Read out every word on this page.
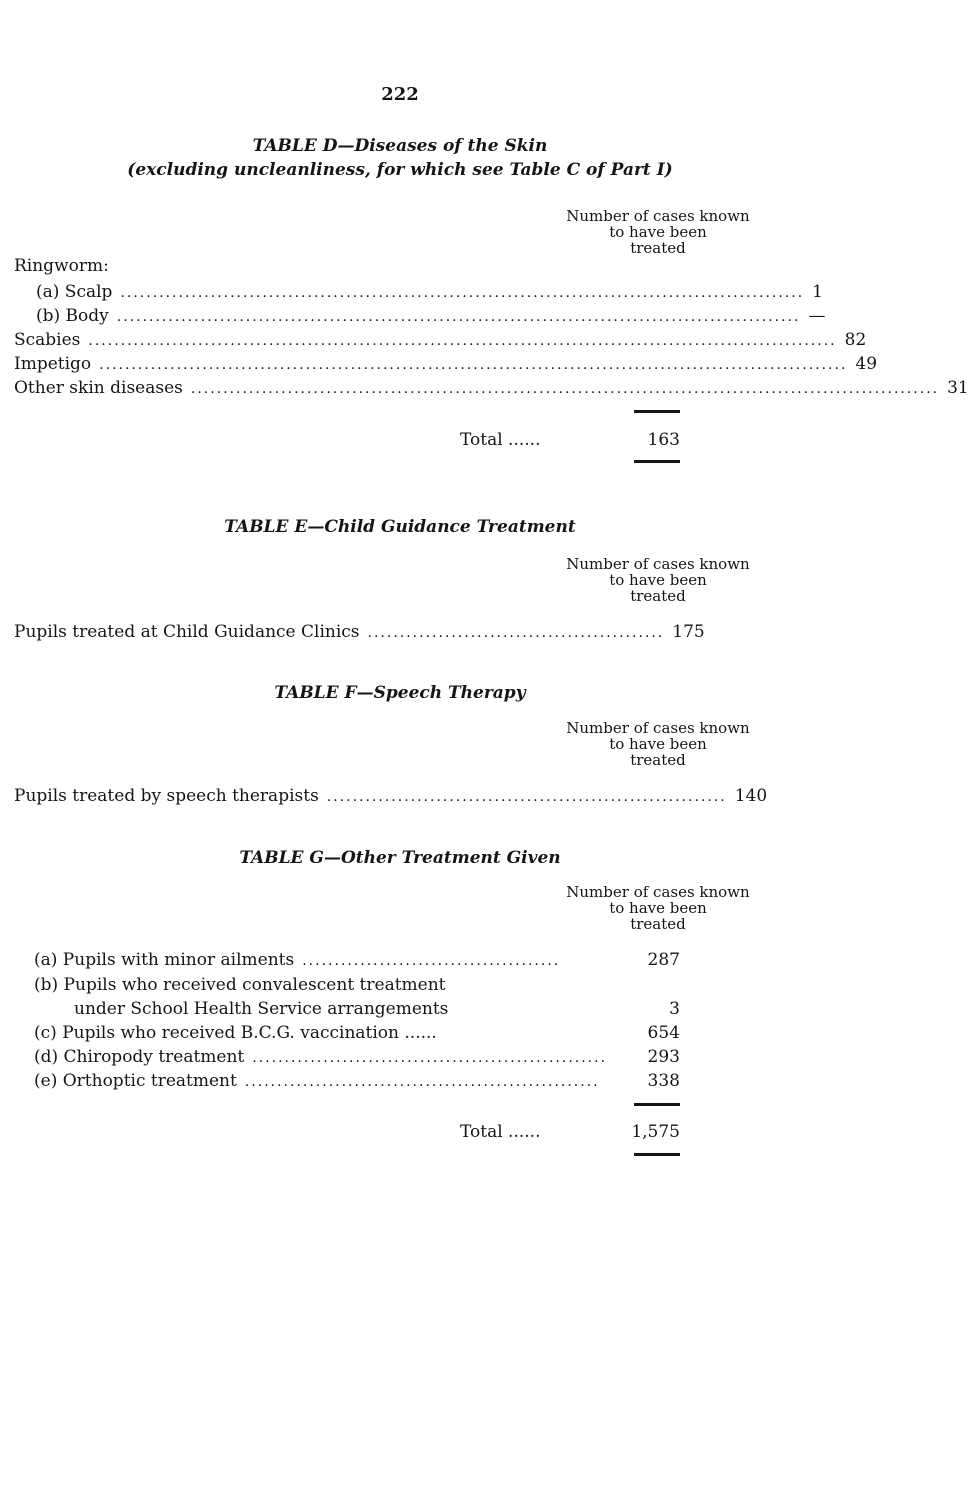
222
TABLE D—Diseases of the Skin
(excluding uncleanliness, for which see Table C of Part I)
Number of cases known
to have been
treated
Ringworm:
(a) Scalp .......................................................................................................... 1
(b) Body .......................................................................................................... —
Scabies .................................................................................................................... 82
Impetigo .................................................................................................................... 49
Other skin diseases .................................................................................................................... 31
Total ......	163
TABLE E—Child Guidance Treatment
Number of cases known
to have been
treated
Pupils treated at Child Guidance Clinics .............................................. 175
TABLE F—Speech Therapy
Number of cases known
to have been
treated
Pupils treated by speech therapists .............................................................. 140
TABLE G—Other Treatment Given
Number of cases known
to have been
treated
(a) Pupils with minor ailments ........................................	287
(b) Pupils who received convalescent treatment
under School Health Service arrangements	3
(c) Pupils who received B.C.G. vaccination ......	654
(d) Chiropody treatment .......................................................	293
(e) Orthoptic treatment .......................................................	338
Total ......	1,575
